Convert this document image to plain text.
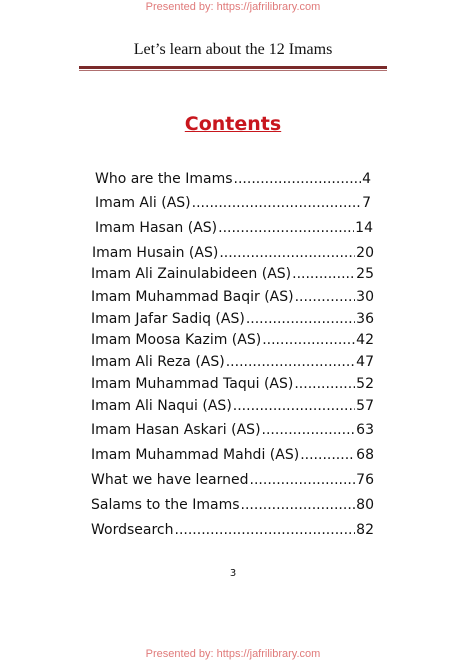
Presented by: https://jafrilibrary.com
Let’s learn about the 12 Imams
Contents
Who are the Imams .....	4
Imam Ali (AS) .....	7
Imam Hasan (AS) .....	14
Imam Husain (AS) .....	20
Imam Ali Zainulabideen (AS) .....	25
Imam Muhammad Baqir (AS) .....	30
Imam Jafar Sadiq (AS) .....	36
Imam Moosa Kazim (AS) .....	42
Imam Ali Reza (AS) .....	47
Imam Muhammad Taqui (AS) .....	52
Imam Ali Naqui (AS) .....	57
Imam Hasan Askari (AS) .....	63
Imam Muhammad Mahdi (AS) .....	68
What we have learned .....	76
Salams to the Imams .....	80
Wordsearch .....	82
3
Presented by: https://jafrilibrary.com
